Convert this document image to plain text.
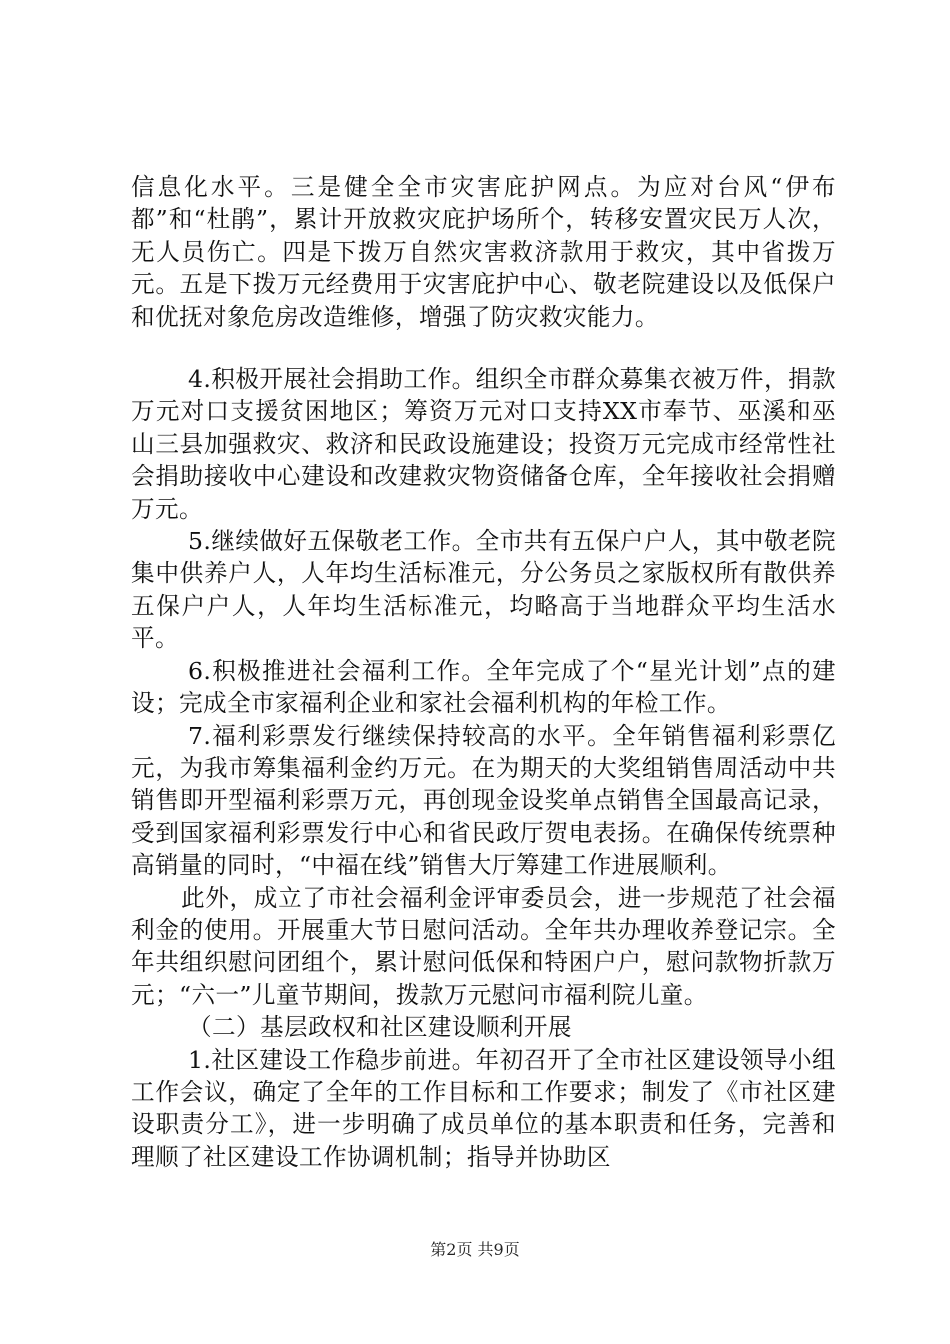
信息化水平。三是健全全市灾害庇护网点。为应对台风“伊布都”和“杜鹃”，累计开放救灾庇护场所个，转移安置灾民万人次，无人员伤亡。四是下拨万自然灾害救济款用于救灾，其中省拨万元。五是下拨万元经费用于灾害庇护中心、敬老院建设以及低保户和优抚对象危房改造维修，增强了防灾救灾能力。

4.积极开展社会捐助工作。组织全市群众募集衣被万件，捐款万元对口支援贫困地区；筹资万元对口支持XX市奉节、巫溪和巫山三县加强救灾、救济和民政设施建设；投资万元完成市经常性社会捐助接收中心建设和改建救灾物资储备仓库，全年接收社会捐赠万元。

5.继续做好五保敬老工作。全市共有五保户户人，其中敬老院集中供养户人，人年均生活标准元，分公务员之家版权所有散供养五保户户人，人年均生活标准元，均略高于当地群众平均生活水平。

6.积极推进社会福利工作。全年完成了个“星光计划”点的建设；完成全市家福利企业和家社会福利机构的年检工作。

7.福利彩票发行继续保持较高的水平。全年销售福利彩票亿元，为我市筹集福利金约万元。在为期天的大奖组销售周活动中共销售即开型福利彩票万元，再创现金设奖单点销售全国最高记录，受到国家福利彩票发行中心和省民政厅贺电表扬。在确保传统票种高销量的同时，“中福在线”销售大厅筹建工作进展顺利。

此外，成立了市社会福利金评审委员会，进一步规范了社会福利金的使用。开展重大节日慰问活动。全年共办理收养登记宗。全年共组织慰问团组个，累计慰问低保和特困户户，慰问款物折款万元；“六一”儿童节期间，拨款万元慰问市福利院儿童。

（二）基层政权和社区建设顺利开展

1.社区建设工作稳步前进。年初召开了全市社区建设领导小组工作会议，确定了全年的工作目标和工作要求；制发了《市社区建设职责分工》，进一步明确了成员单位的基本职责和任务，完善和理顺了社区建设工作协调机制；指导并协助区

第2页 共9页
